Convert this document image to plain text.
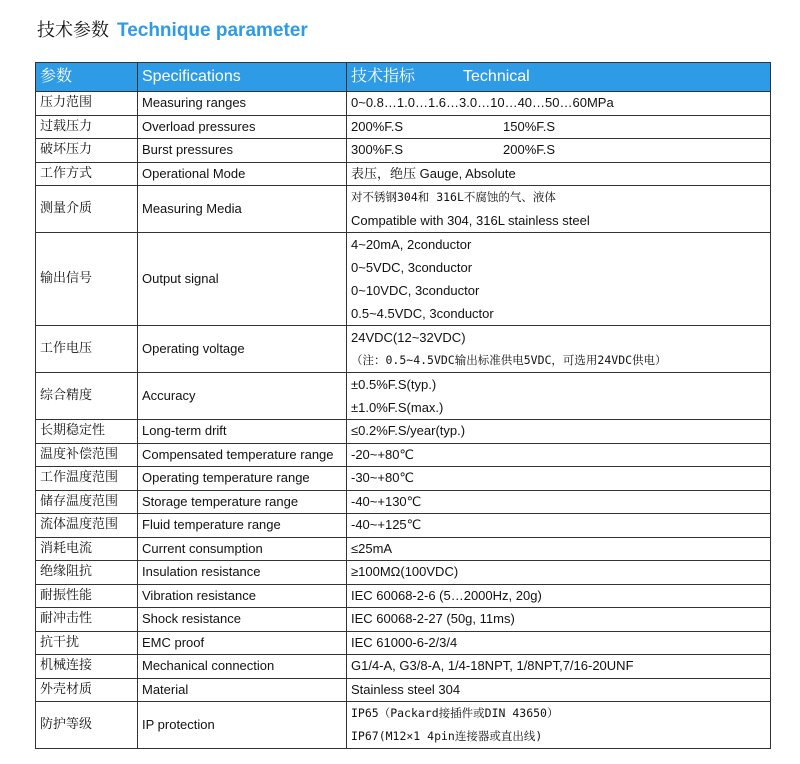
技术参数 Technique parameter
参数	Specifications	技术指标 Technical
压力范围	Measuring ranges	0~0.8…1.0…1.6…3.0…10…40…50…60MPa
过载压力	Overload pressures	200%F.S 150%F.S
破坏压力	Burst pressures	300%F.S 200%F.S
工作方式	Operational Mode	表压，绝压 Gauge, Absolute
测量介质	Measuring Media	对不锈钢304和 316L不腐蚀的气、液体
Compatible with 304, 316L stainless steel

输出信号	Output signal	4~20mA, 2conductor
0~5VDC, 3conductor
0~10VDC, 3conductor
0.5~4.5VDC, 3conductor

工作电压	Operating voltage	24VDC(12~32VDC)
（注：0.5~4.5VDC输出标准供电5VDC，可选用24VDC供电）

综合精度	Accuracy	±0.5%F.S(typ.)
±1.0%F.S(max.)

长期稳定性	Long-term drift	≤0.2%F.S/year(typ.)
温度补偿范围	Compensated temperature range	-20~+80℃
工作温度范围	Operating temperature range	-30~+80℃
储存温度范围	Storage temperature range	-40~+130℃
流体温度范围	Fluid temperature range	-40~+125℃
消耗电流	Current consumption	≤25mA
绝缘阻抗	Insulation resistance	≥100MΩ(100VDC)
耐振性能	Vibration resistance	IEC 60068-2-6 (5…2000Hz, 20g)
耐冲击性	Shock resistance	IEC 60068-2-27 (50g, 11ms)
抗干扰	EMC proof	IEC 61000-6-2/3/4
机械连接	Mechanical connection	G1/4-A, G3/8-A, 1/4-18NPT, 1/8NPT,7/16-20UNF
外壳材质	Material	Stainless steel 304
防护等级	IP protection	IP65（Packard接插件或DIN 43650）
IP67(M12×1 4pin连接器或直出线)
